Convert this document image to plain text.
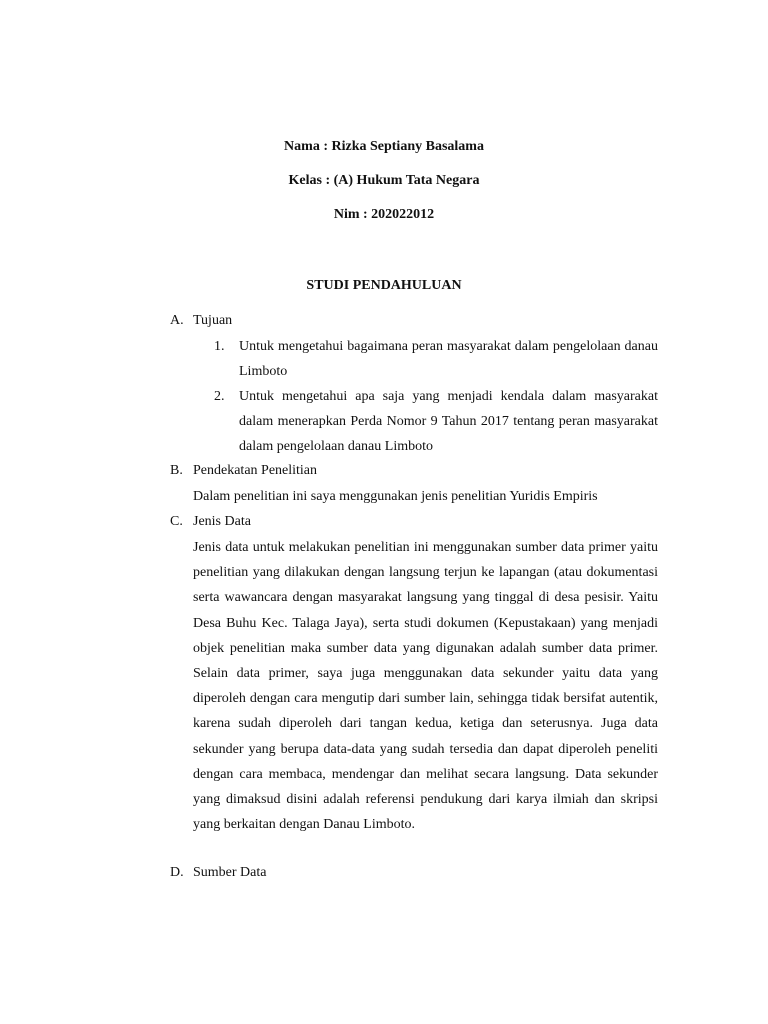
Nama : Rizka Septiany Basalama
Kelas : (A) Hukum Tata Negara
Nim : 202022012
STUDI PENDAHULUAN
A. Tujuan
1. Untuk mengetahui bagaimana peran masyarakat dalam pengelolaan danau Limboto
2. Untuk mengetahui apa saja yang menjadi kendala dalam masyarakat dalam menerapkan Perda Nomor 9 Tahun 2017 tentang peran masyarakat dalam pengelolaan danau Limboto
B. Pendekatan Penelitian
Dalam penelitian ini saya menggunakan jenis penelitian Yuridis Empiris
C. Jenis Data
Jenis data untuk melakukan penelitian ini menggunakan sumber data primer yaitu penelitian yang dilakukan dengan langsung terjun ke lapangan (atau dokumentasi serta wawancara dengan masyarakat langsung yang tinggal di desa pesisir. Yaitu Desa Buhu Kec. Talaga Jaya), serta studi dokumen (Kepustakaan) yang menjadi objek penelitian maka sumber data yang digunakan adalah sumber data primer. Selain data primer, saya juga menggunakan data sekunder yaitu data yang diperoleh dengan cara mengutip dari sumber lain, sehingga tidak bersifat autentik, karena sudah diperoleh dari tangan kedua, ketiga dan seterusnya. Juga data sekunder yang berupa data-data yang sudah tersedia dan dapat diperoleh peneliti dengan cara membaca, mendengar dan melihat secara langsung. Data sekunder yang dimaksud disini adalah referensi pendukung dari karya ilmiah dan skripsi yang berkaitan dengan Danau Limboto.
D. Sumber Data
